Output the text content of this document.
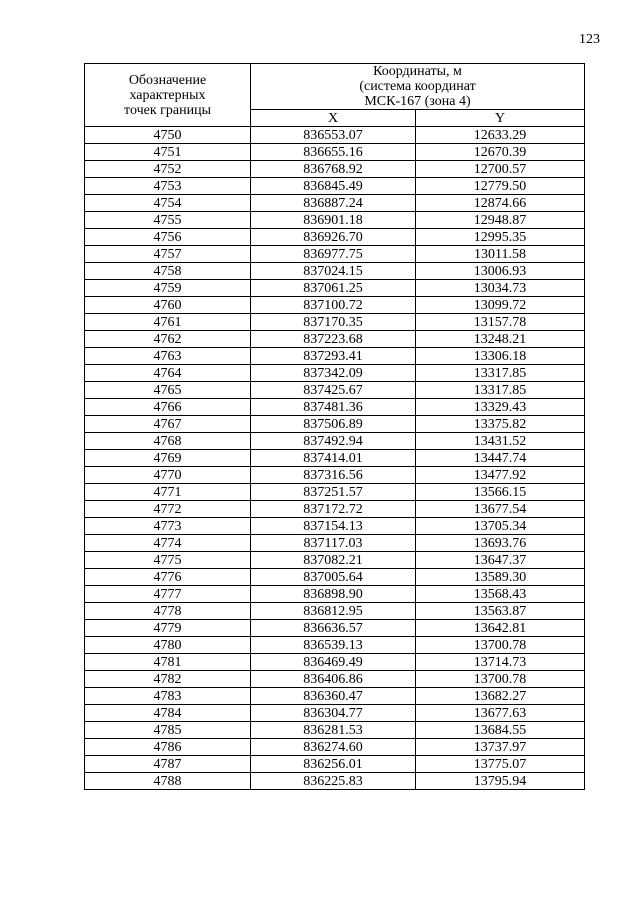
123
Обозначение
характерных
точек границы	Координаты, м
(система координат
МСК-167 (зона 4)	

	X	Y
4750	836553.07	12633.29
4751	836655.16	12670.39
4752	836768.92	12700.57
4753	836845.49	12779.50
4754	836887.24	12874.66
4755	836901.18	12948.87
4756	836926.70	12995.35
4757	836977.75	13011.58
4758	837024.15	13006.93
4759	837061.25	13034.73
4760	837100.72	13099.72
4761	837170.35	13157.78
4762	837223.68	13248.21
4763	837293.41	13306.18
4764	837342.09	13317.85
4765	837425.67	13317.85
4766	837481.36	13329.43
4767	837506.89	13375.82
4768	837492.94	13431.52
4769	837414.01	13447.74
4770	837316.56	13477.92
4771	837251.57	13566.15
4772	837172.72	13677.54
4773	837154.13	13705.34
4774	837117.03	13693.76
4775	837082.21	13647.37
4776	837005.64	13589.30
4777	836898.90	13568.43
4778	836812.95	13563.87
4779	836636.57	13642.81
4780	836539.13	13700.78
4781	836469.49	13714.73
4782	836406.86	13700.78
4783	836360.47	13682.27
4784	836304.77	13677.63
4785	836281.53	13684.55
4786	836274.60	13737.97
4787	836256.01	13775.07
4788	836225.83	13795.94
